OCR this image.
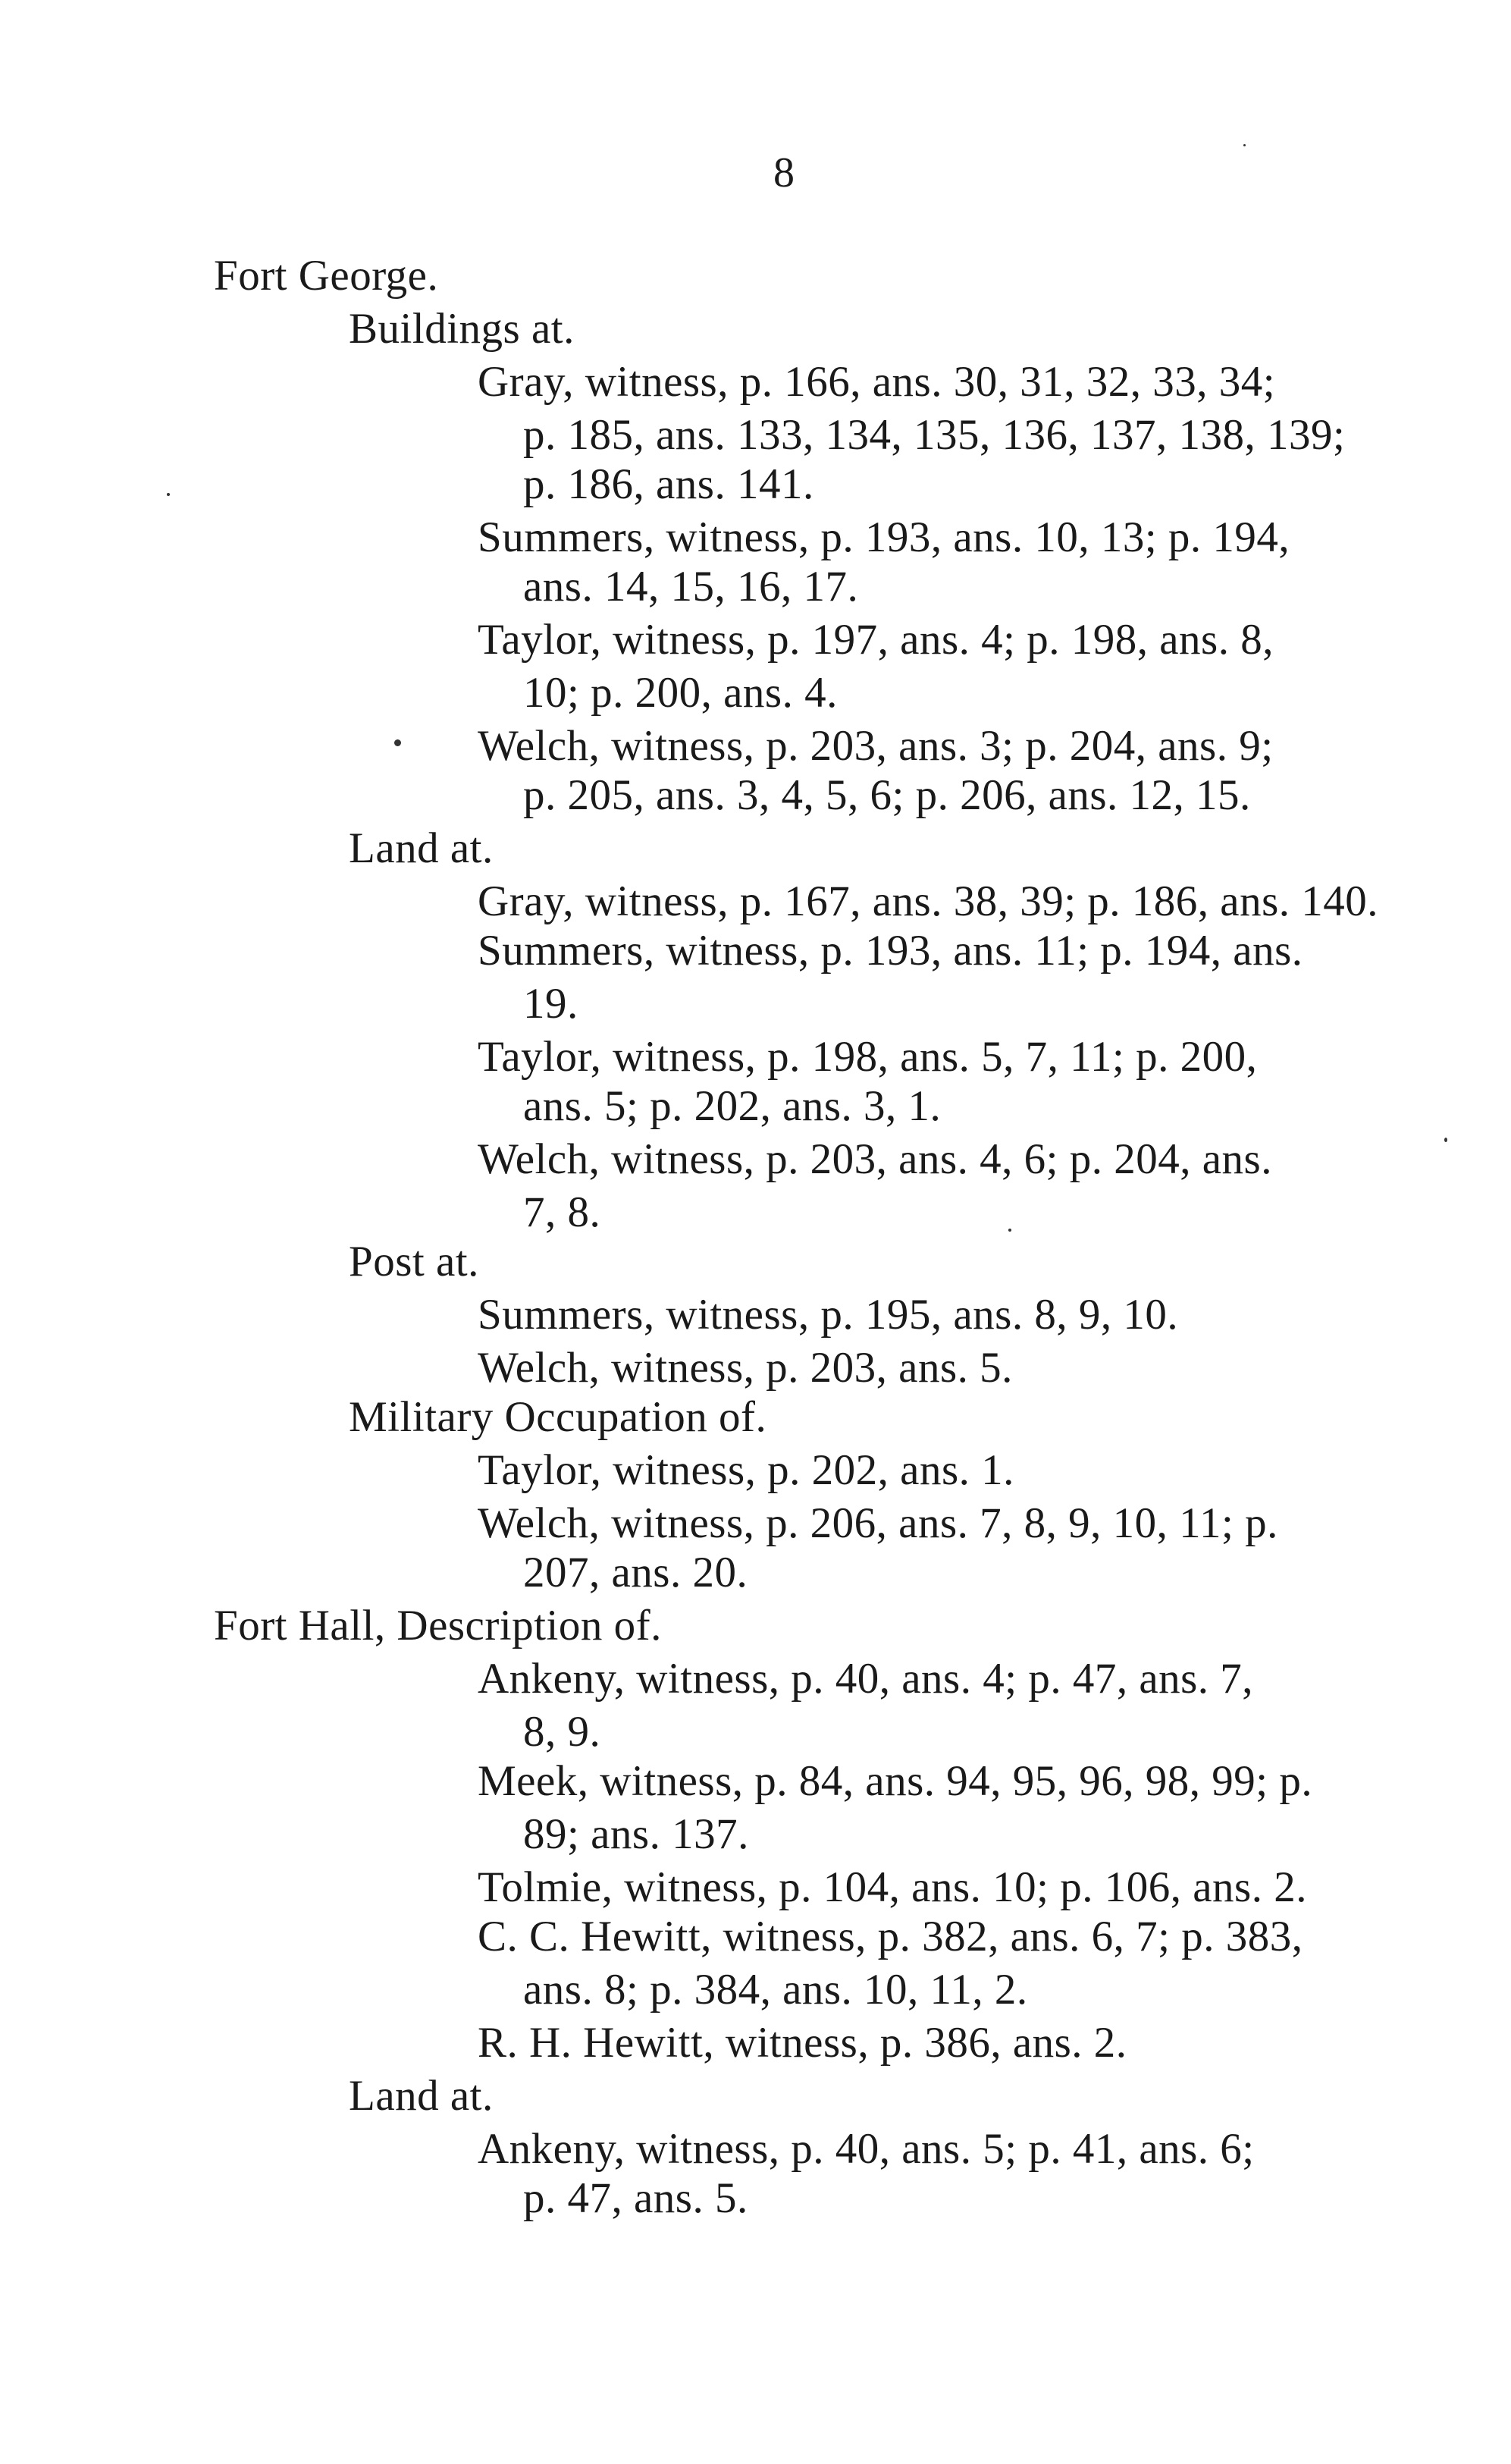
8
Fort George.
Buildings at.
Gray, witness, p. 166, ans. 30, 31, 32, 33, 34;
p. 185, ans. 133, 134, 135, 136, 137, 138, 139;
p. 186, ans. 141.
Summers, witness, p. 193, ans. 10, 13; p. 194,
ans. 14, 15, 16, 17.
Taylor, witness, p. 197, ans. 4; p. 198, ans. 8,
10; p. 200, ans. 4.
Welch, witness, p. 203, ans. 3; p. 204, ans. 9;
p. 205, ans. 3, 4, 5, 6; p. 206, ans. 12, 15.
Land at.
Gray, witness, p. 167, ans. 38, 39; p. 186, ans. 140.
Summers, witness, p. 193, ans. 11; p. 194, ans.
19.
Taylor, witness, p. 198, ans. 5, 7, 11; p. 200,
ans. 5; p. 202, ans. 3, 1.
Welch, witness, p. 203, ans. 4, 6; p. 204, ans.
7, 8.
Post at.
Summers, witness, p. 195, ans. 8, 9, 10.
Welch, witness, p. 203, ans. 5.
Military Occupation of.
Taylor, witness, p. 202, ans. 1.
Welch, witness, p. 206, ans. 7, 8, 9, 10, 11; p.
207, ans. 20.
Fort Hall, Description of.
Ankeny, witness, p. 40, ans. 4; p. 47, ans. 7,
8, 9.
Meek, witness, p. 84, ans. 94, 95, 96, 98, 99; p.
89; ans. 137.
Tolmie, witness, p. 104, ans. 10; p. 106, ans. 2.
C. C. Hewitt, witness, p. 382, ans. 6, 7; p. 383,
ans. 8; p. 384, ans. 10, 11, 2.
R. H. Hewitt, witness, p. 386, ans. 2.
Land at.
Ankeny, witness, p. 40, ans. 5; p. 41, ans. 6;
p. 47, ans. 5.
